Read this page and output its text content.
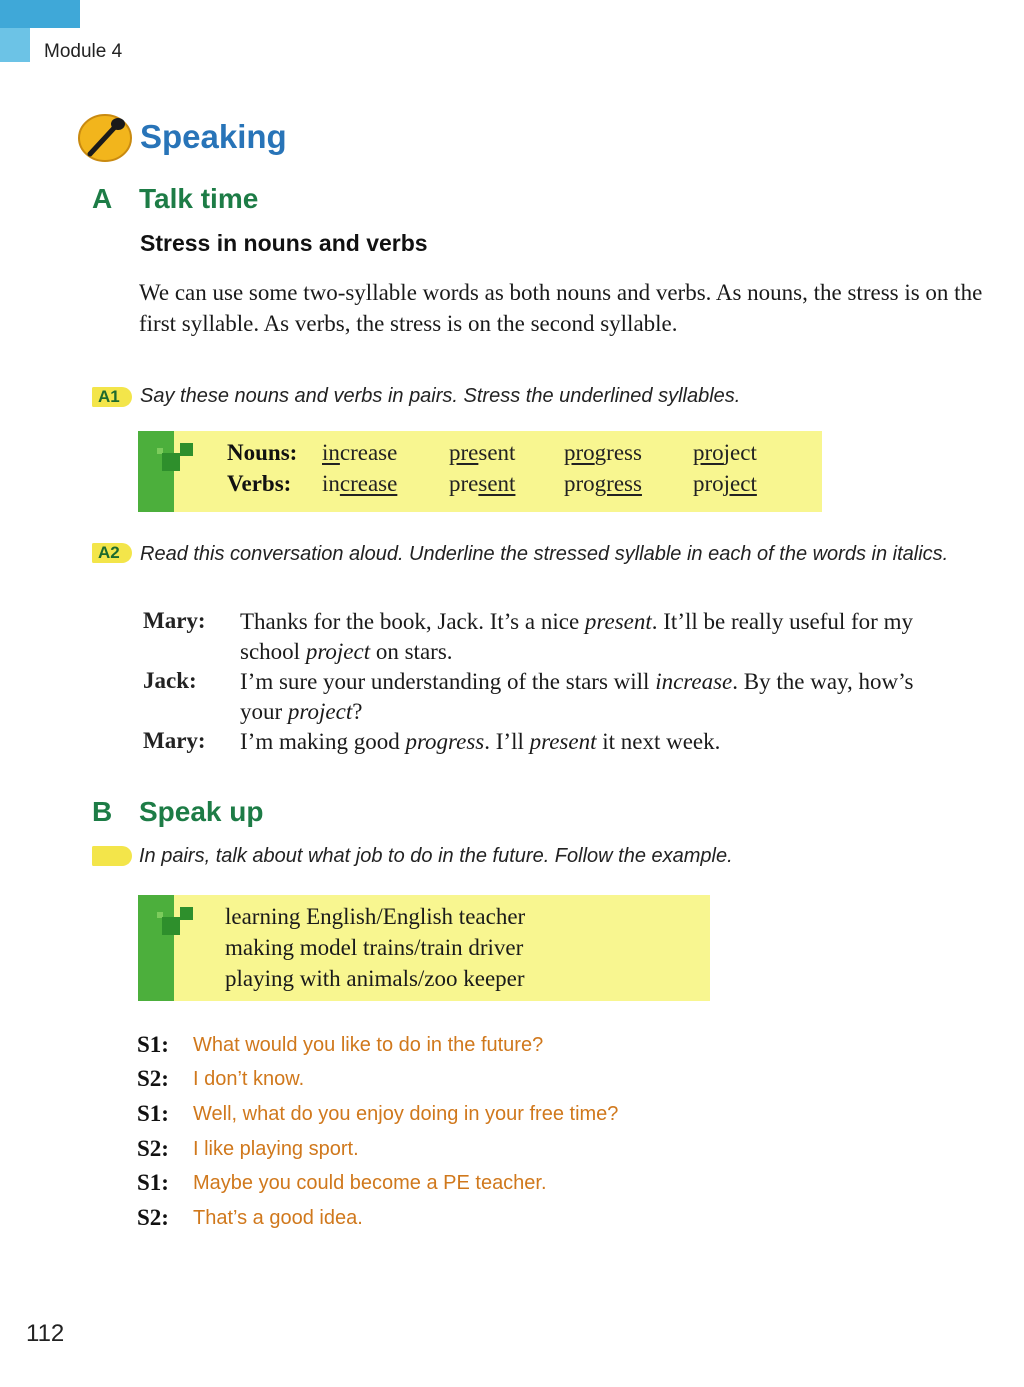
Module 4
Speaking
A Talk time
Stress in nouns and verbs
We can use some two-syllable words as both nouns and verbs. As nouns, the stress is on the first syllable. As verbs, the stress is on the second syllable.
A1	Say these nouns and verbs in pairs. Stress the underlined syllables.
Nouns:
Verbs:
increase present progress project
increase present progress project
A2	Read this conversation aloud. Underline the stressed syllable in each of the words in italics.
Mary: Thanks for the book, Jack. It’s a nice present. It’ll be really useful for my school project on stars.
Jack: I’m sure your understanding of the stars will increase. By the way, how’s your project?
Mary: I’m making good progress. I’ll present it next week.
B Speak up
In pairs, talk about what job to do in the future. Follow the example.
learning English/English teacher
making model trains/train driver
playing with animals/zoo keeper
S1: What would you like to do in the future?
S2: I don’t know.
S1: Well, what do you enjoy doing in your free time?
S2: I like playing sport.
S1: Maybe you could become a PE teacher.
S2: That’s a good idea.
112
